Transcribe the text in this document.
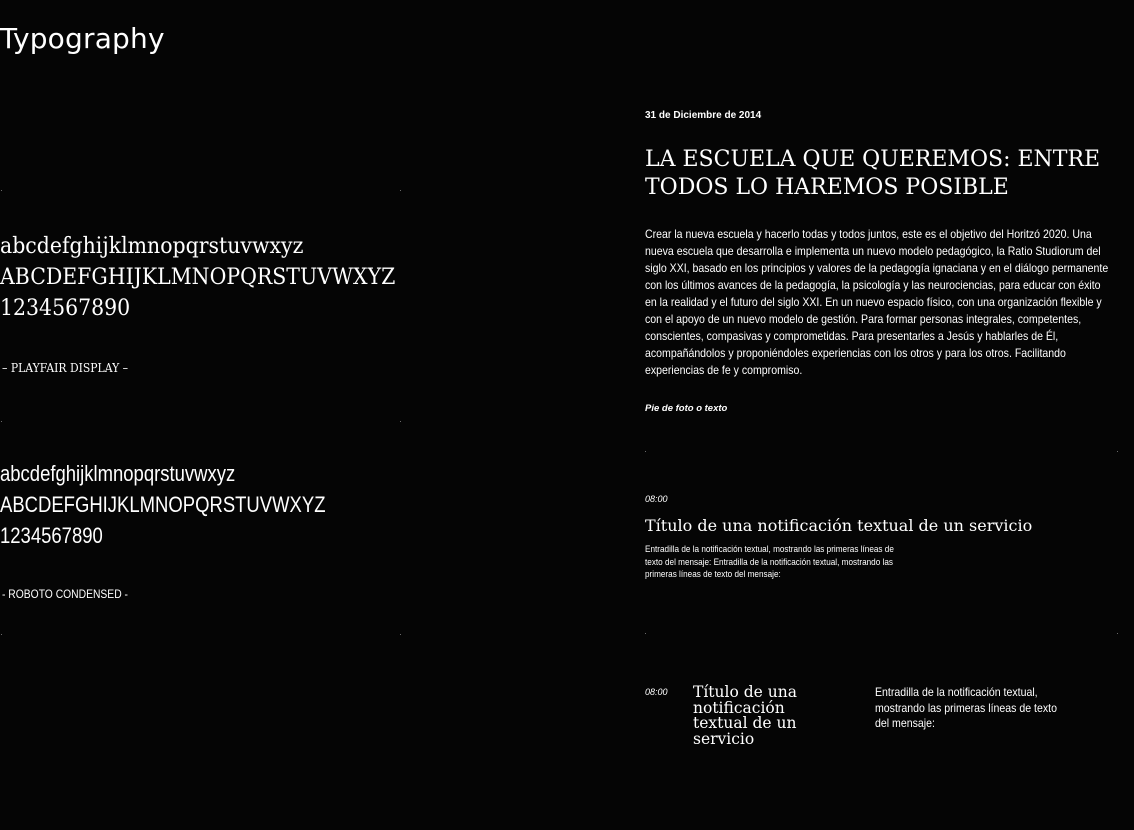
Typography
abcdefghijklmnopqrstuvwxyz
ABCDEFGHIJKLMNOPQRSTUVWXYZ
1234567890
– PLAYFAIR DISPLAY –
abcdefghijklmnopqrstuvwxyz
ABCDEFGHIJKLMNOPQRSTUVWXYZ
1234567890
- ROBOTO CONDENSED -
31 de Diciembre de 2014
LA ESCUELA QUE QUEREMOS: ENTRE TODOS LO HAREMOS POSIBLE
Crear la nueva escuela y hacerlo todas y todos juntos, este es el objetivo del Horitzó 2020. Una nueva escuela que desarrolla e implementa un nuevo modelo pedagógico, la Ratio Studiorum del siglo XXI, basado en los principios y valores de la pedagogía ignaciana y en el diálogo permanente con los últimos avances de la pedagogía, la psicología y las neurociencias, para educar con éxito en la realidad y el futuro del siglo XXI. En un nuevo espacio físico, con una organización flexible y con el apoyo de un nuevo modelo de gestión. Para formar personas integrales, competentes, conscientes, compasivas y comprometidas. Para presentarles a Jesús y hablarles de Él, acompañándolos y proponiéndoles experiencias con los otros y para los otros. Facilitando experiencias de fe y compromiso.
Pie de foto o texto
08:00
Título de una notificación textual de un servicio
Entradilla de la notificación textual, mostrando las primeras líneas de texto del mensaje: Entradilla de la notificación textual, mostrando las primeras líneas de texto del mensaje:
08:00 Título de una notificación textual de un servicio
Entradilla de la notificación textual, mostrando las primeras líneas de texto del mensaje:
